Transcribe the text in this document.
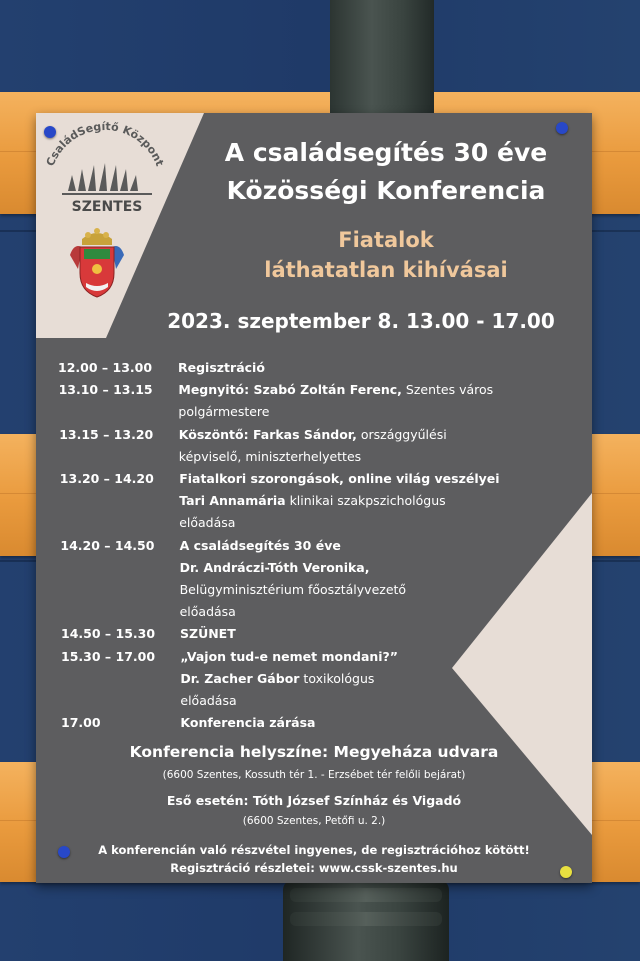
CsaládSegítő Központ
SZENTES
A családsegítés 30 éve
Közösségi Konferencia
Fiatalok
láthatatlan kihívásai
2023. szeptember 8. 13.00 - 17.00
12.00 – 13.00 Regisztráció
13.10 – 13.15 Megnyitó: Szabó Zoltán Ferenc, Szentes város
polgármestere
13.15 – 13.20 Köszöntő: Farkas Sándor, országgyűlési
képviselő, miniszterhelyettes
13.20 – 14.20 Fiatalkori szorongások, online világ veszélyei
Tari Annamária klinikai szakpszichológus
előadása
14.20 – 14.50 A családsegítés 30 éve
Dr. Andráczi-Tóth Veronika,
Belügyminisztérium főosztályvezető
előadása
14.50 – 15.30 SZÜNET
15.30 – 17.00 „Vajon tud-e nemet mondani?”
Dr. Zacher Gábor toxikológus
előadása
17.00	Konferencia zárása
Konferencia helyszíne: Megyeháza udvara
(6600 Szentes, Kossuth tér 1. - Erzsébet tér felőli bejárat)
Eső esetén: Tóth József Színház és Vigadó
(6600 Szentes, Petőfi u. 2.)
A konferencián való részvétel ingyenes, de regisztrációhoz kötött!
Regisztráció részletei: www.cssk-szentes.hu
